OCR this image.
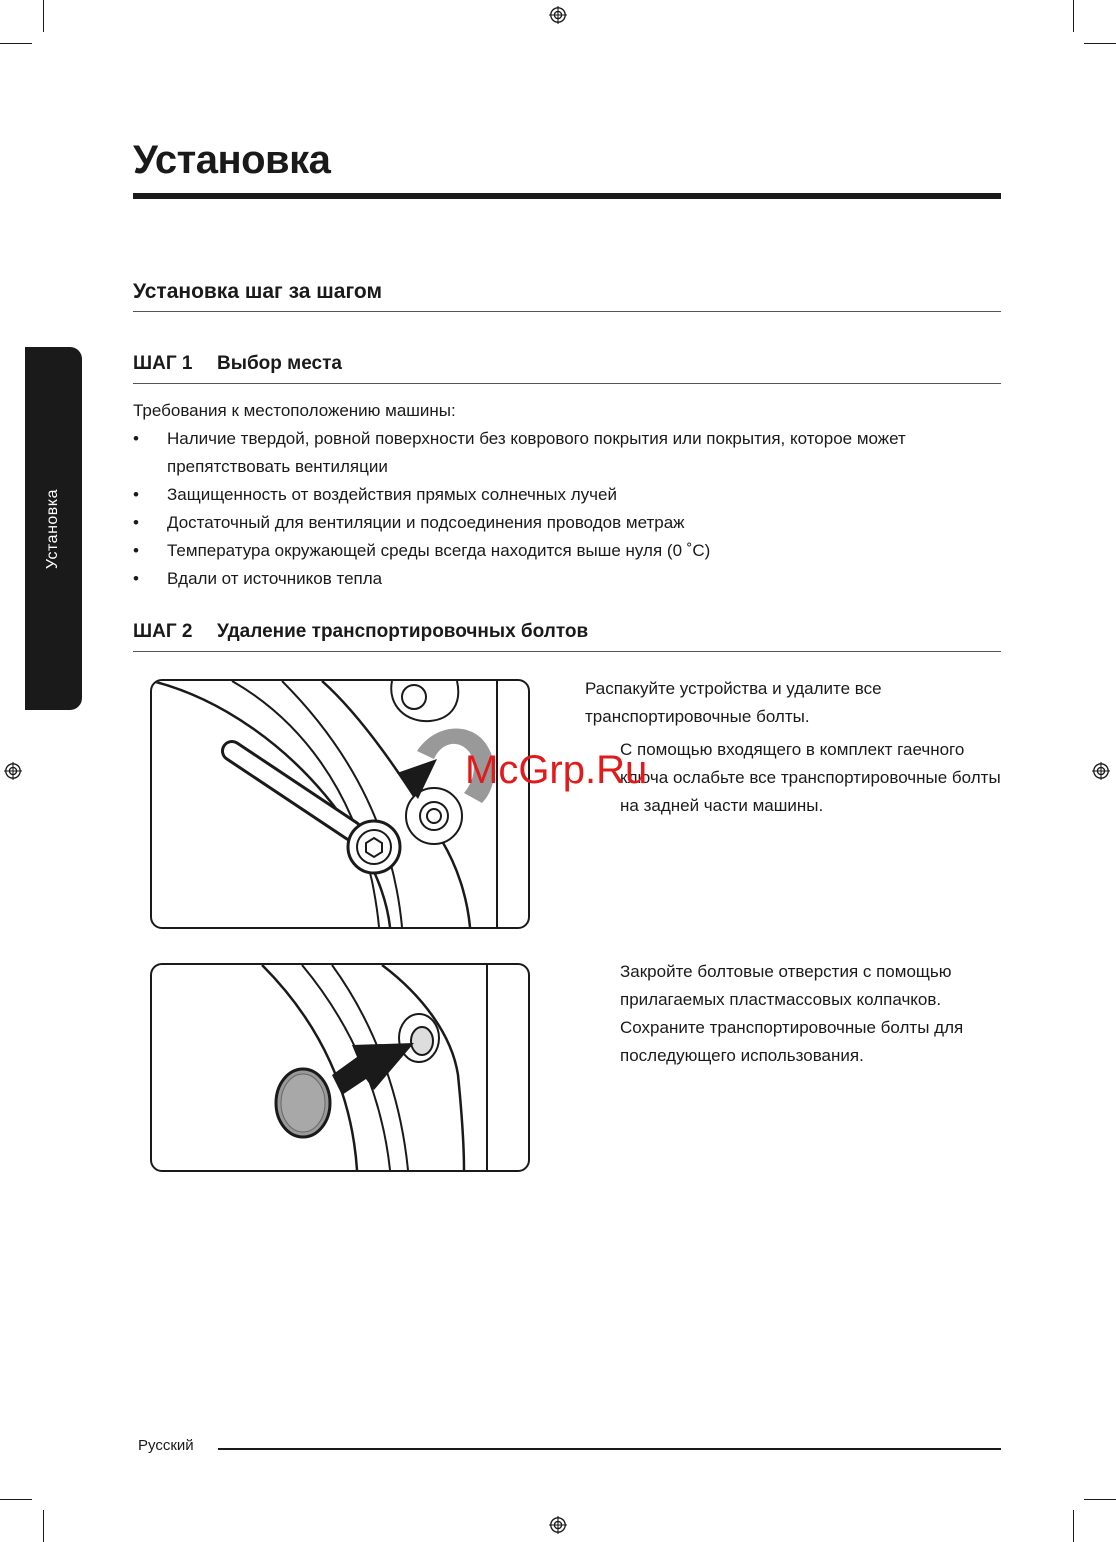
Установка
Установка
Установка шаг за шагом
ШАГ 1 Выбор места
Требования к местоположению машины:
• Наличие твердой, ровной поверхности без коврового покрытия или покрытия, которое может препятствовать вентиляции
• Защищенность от воздействия прямых солнечных лучей
• Достаточный для вентиляции и подсоединения проводов метраж
• Температура окружающей среды всегда находится выше нуля (0 ˚C)
• Вдали от источников тепла
ШАГ 2 Удаление транспортировочных болтов
Распакуйте устройства и удалите все транспортировочные болты.
С помощью входящего в комплект гаечного ключа ослабьте все транспортировочные болты на задней части машины.
Закройте болтовые отверстия с помощью прилагаемых пластмассовых колпачков. Сохраните транспортировочные болты для последующего использования.
McGrp.Ru
Русский
